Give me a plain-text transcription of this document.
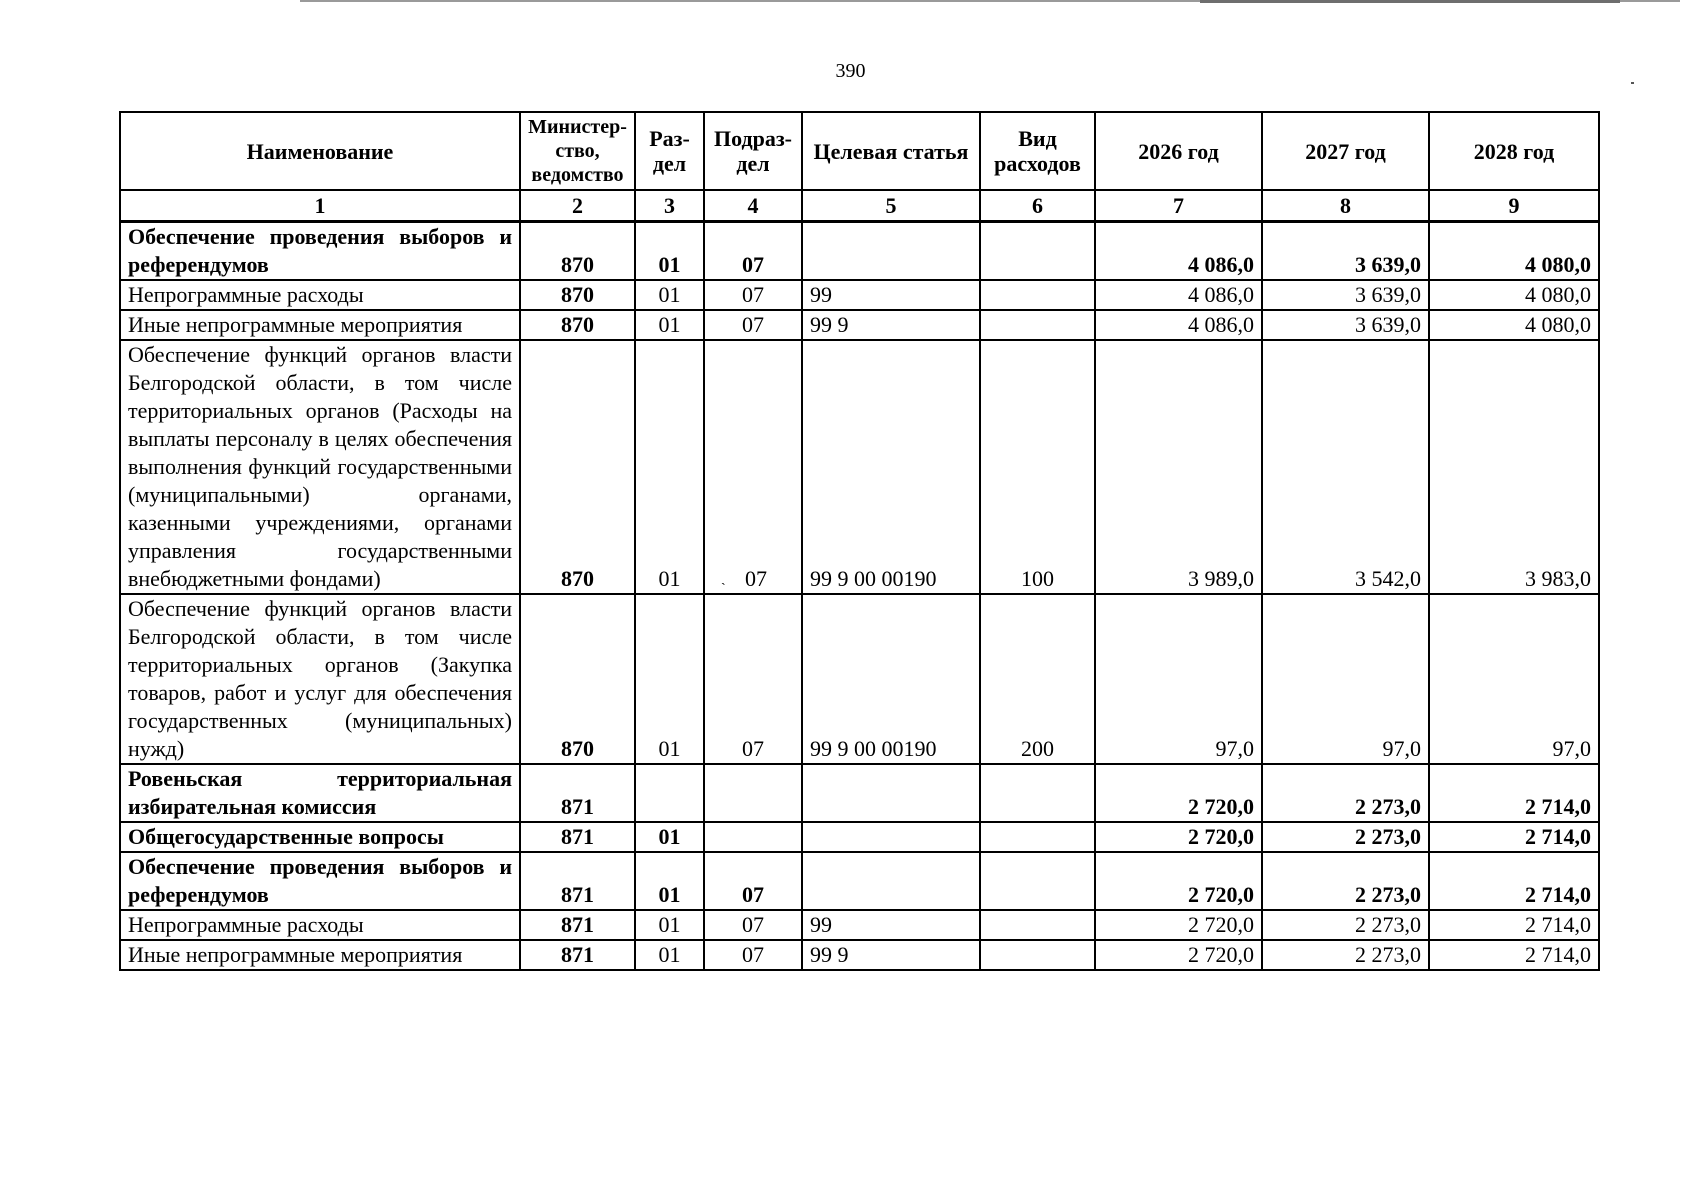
390
Наименование	Министер-ство, ведомство	Раз-дел	Подраз-дел	Целевая статья	Вид расходов	2026 год	2027 год	2028 год
1	2	3	4	5	6	7	8	9
Обеспечение проведения выборов и референдумов	870	01	07			4 086,0	3 639,0	4 080,0
Непрограммные расходы	870	01	07	99		4 086,0	3 639,0	4 080,0
Иные непрограммные мероприятия	870	01	07	99 9		4 086,0	3 639,0	4 080,0
Обеспечение функций органов власти Белгородской области, в том числе территориальных органов (Расходы на выплаты персоналу в целях обеспечения выполнения функций государственными (муниципальными) органами, казенными учреждениями, органами управления государственными внебюджетными фондами)	870	01	ˏ 07	99 9 00 00190	100	3 989,0	3 542,0	3 983,0
Обеспечение функций органов власти Белгородской области, в том числе территориальных органов (Закупка товаров, работ и услуг для обеспечения государственных (муниципальных) нужд)	870	01	07	99 9 00 00190	200	97,0	97,0	97,0
Ровеньская территориальная избирательная комиссия	871					2 720,0	2 273,0	2 714,0
Общегосударственные вопросы	871	01				2 720,0	2 273,0	2 714,0
Обеспечение проведения выборов и референдумов	871	01	07			2 720,0	2 273,0	2 714,0
Непрограммные расходы	871	01	07	99		2 720,0	2 273,0	2 714,0
Иные непрограммные мероприятия	871	01	07	99 9		2 720,0	2 273,0	2 714,0
